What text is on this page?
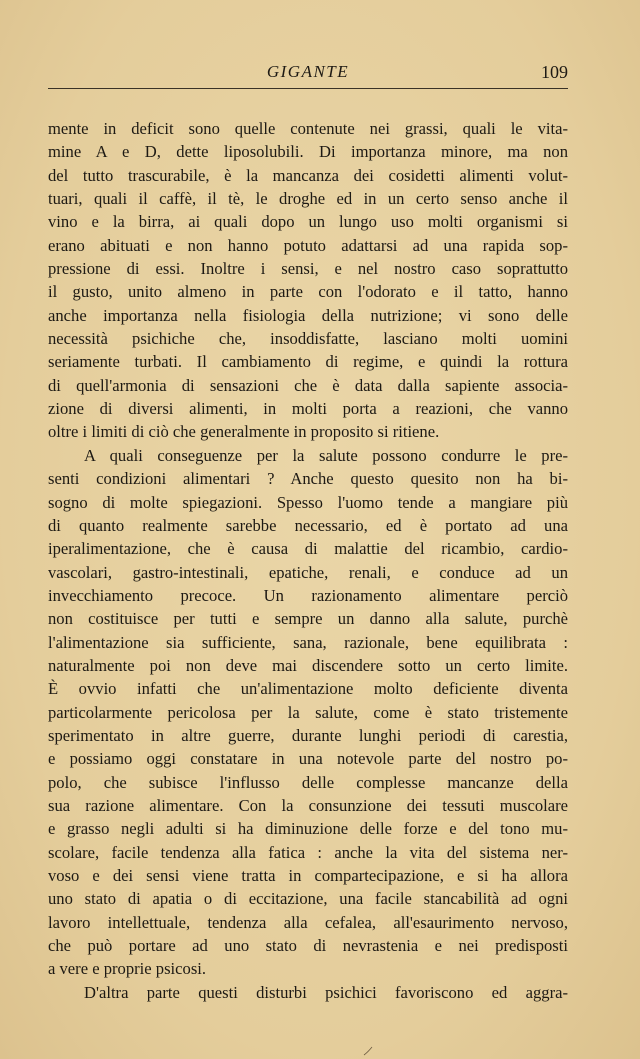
GIGANTE	109
mente in deficit sono quelle contenute nei grassi, quali le vita-
mine A e D, dette liposolubili. Di importanza minore, ma non
del tutto trascurabile, è la mancanza dei cosidetti alimenti volut-
tuari, quali il caffè, il tè, le droghe ed in un certo senso anche il
vino e la birra, ai quali dopo un lungo uso molti organismi si
erano abituati e non hanno potuto adattarsi ad una rapida sop-
pressione di essi. Inoltre i sensi, e nel nostro caso soprattutto
il gusto, unito almeno in parte con l'odorato e il tatto, hanno
anche importanza nella fisiologia della nutrizione; vi sono delle
necessità psichiche che, insoddisfatte, lasciano molti uomini
seriamente turbati. Il cambiamento di regime, e quindi la rottura
di quell'armonia di sensazioni che è data dalla sapiente associa-
zione di diversi alimenti, in molti porta a reazioni, che vanno
oltre i limiti di ciò che generalmente in proposito si ritiene.
A quali conseguenze per la salute possono condurre le pre-
senti condizioni alimentari ? Anche questo quesito non ha bi-
sogno di molte spiegazioni. Spesso l'uomo tende a mangiare più
di quanto realmente sarebbe necessario, ed è portato ad una
iperalimentazione, che è causa di malattie del ricambio, cardio-
vascolari, gastro-intestinali, epatiche, renali, e conduce ad un
invecchiamento precoce. Un razionamento alimentare perciò
non costituisce per tutti e sempre un danno alla salute, purchè
l'alimentazione sia sufficiente, sana, razionale, bene equilibrata :
naturalmente poi non deve mai discendere sotto un certo limite.
È ovvio infatti che un'alimentazione molto deficiente diventa
particolarmente pericolosa per la salute, come è stato tristemente
sperimentato in altre guerre, durante lunghi periodi di carestia,
e possiamo oggi constatare in una notevole parte del nostro po-
polo, che subisce l'influsso delle complesse mancanze della
sua razione alimentare. Con la consunzione dei tessuti muscolare
e grasso negli adulti si ha diminuzione delle forze e del tono mu-
scolare, facile tendenza alla fatica : anche la vita del sistema ner-
voso e dei sensi viene tratta in compartecipazione, e si ha allora
uno stato di apatia o di eccitazione, una facile stancabilità ad ogni
lavoro intellettuale, tendenza alla cefalea, all'esaurimento nervoso,
che può portare ad uno stato di nevrastenia e nei predisposti
a vere e proprie psicosi.
D'altra parte questi disturbi psichici favoriscono ed aggra-
